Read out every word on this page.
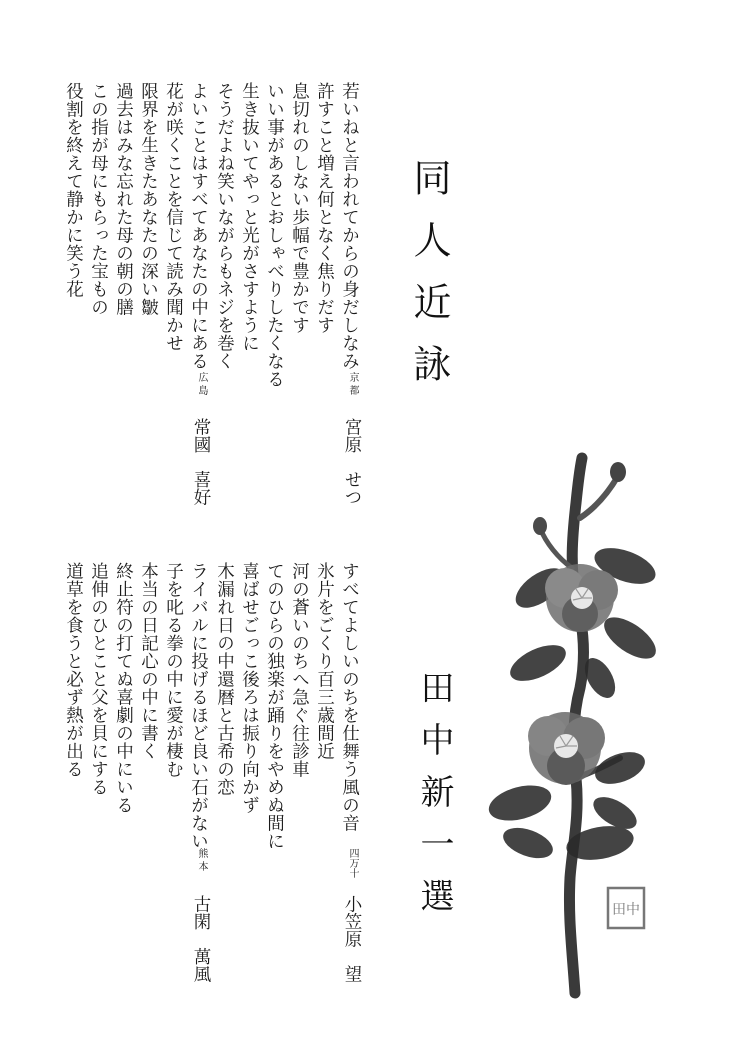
同人近詠
田中新一選
若いねと言われてからの身だしなみ
許すこと増え何となく焦りだす
息切れのしない歩幅で豊かです
いい事があるとおしゃべりしたくなる
生き抜いてやっと光がさすように
そうだよね笑いながらもネジを巻く
京都
宮原　せつ
よいことはすべてあなたの中にある
花が咲くことを信じて読み聞かせ
限界を生きたあなたの深い皺
過去はみな忘れた母の朝の膳
この指が母にもらった宝もの
役割を終えて静かに笑う花
広島
常國　喜好
すべてよしいのちを仕舞う風の音
氷片をごくり百三歳間近
河の蒼いのちへ急ぐ往診車
てのひらの独楽が踊りをやめぬ間に
喜ばせごっこ後ろは振り向かず
木漏れ日の中還暦と古希の恋
四万十
小笠原　望
ライバルに投げるほど良い石がない
子を叱る拳の中に愛が棲む
本当の日記心の中に書く
終止符の打てぬ喜劇の中にいる
追伸のひとこと父を貝にする
道草を食うと必ず熱が出る
熊本
古閑　萬風	田中
